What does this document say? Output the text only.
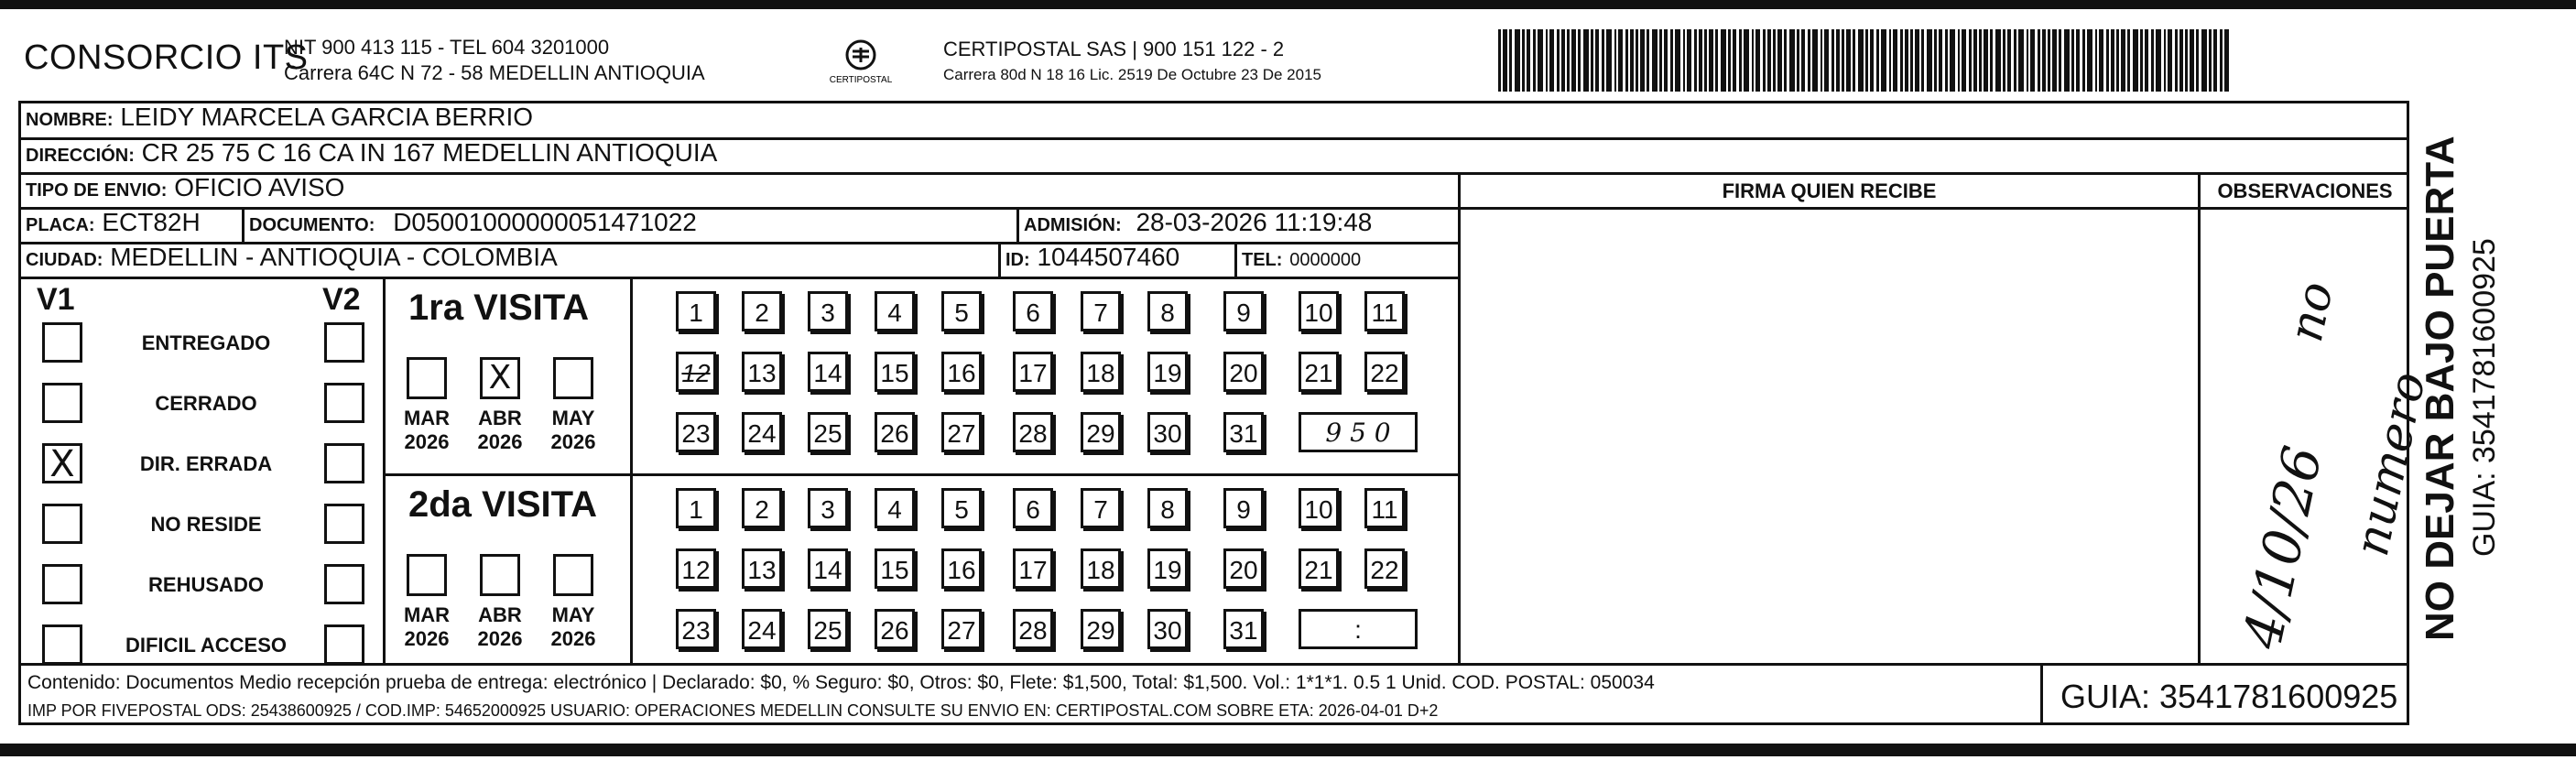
CONSORCIO ITS
NIT 900 413 115 - TEL 604 3201000
Carrera 64C N 72 - 58 MEDELLIN ANTIOQUIA	CERTIPOSTAL
CERTIPOSTAL SAS | 900 151 122 - 2
Carrera 80d N 18 16 Lic. 2519 De Octubre 23 De 2015
NOMBRE: LEIDY MARCELA GARCIA BERRIO
DIRECCIÓN: CR 25 75 C 16 CA IN 167 MEDELLIN ANTIOQUIA
TIPO DE ENVIO: OFICIO AVISO	FIRMA QUIEN RECIBE	OBSERVACIONES
PLACA: ECT82H	DOCUMENTO: D05001000000051471022	ADMISIÓN: 28-03-2026 11:19:48
CIUDAD: MEDELLIN - ANTIOQUIA - COLOMBIA	ID: 1044507460	TEL: 0000000
V1	V2
ENTREGADO
CERRADO
X	DIR. ERRADA
NO RESIDE
REHUSADO
DIFICIL ACCESO
1ra VISITA
MAR
2026
X
ABR
2026
MAY
2026
1	2	3	4	5	6	7	8	9	10 11
12 13 14 15 16 17 18 19 20 21 22
23 24 25 26 27 28 29 30 31	9 5 0
2da VISITA
MAR
2026
ABR
2026
MAY
2026
1	2	3	4	5	6	7	8	9	10 11
12 13 14 15 16 17 18 19 20 21 22
23 24 25 26 27 28 29 30 31	:	4/10/26
no
numero
NO DEJAR BAJO PUERTA GUIA: 3541781600925
Contenido: Documentos Medio recepción prueba de entrega: electrónico | Declarado: $0, % Seguro: $0, Otros: $0, Flete: $1,500, Total: $1,500. Vol.: 1*1*1. 0.5 1 Unid. COD. POSTAL: 050034
IMP POR FIVEPOSTAL ODS: 25438600925 / COD.IMP: 54652000925 USUARIO: OPERACIONES MEDELLIN CONSULTE SU ENVIO EN: CERTIPOSTAL.COM SOBRE ETA: 2026-04-01 D+2	GUIA: 3541781600925
